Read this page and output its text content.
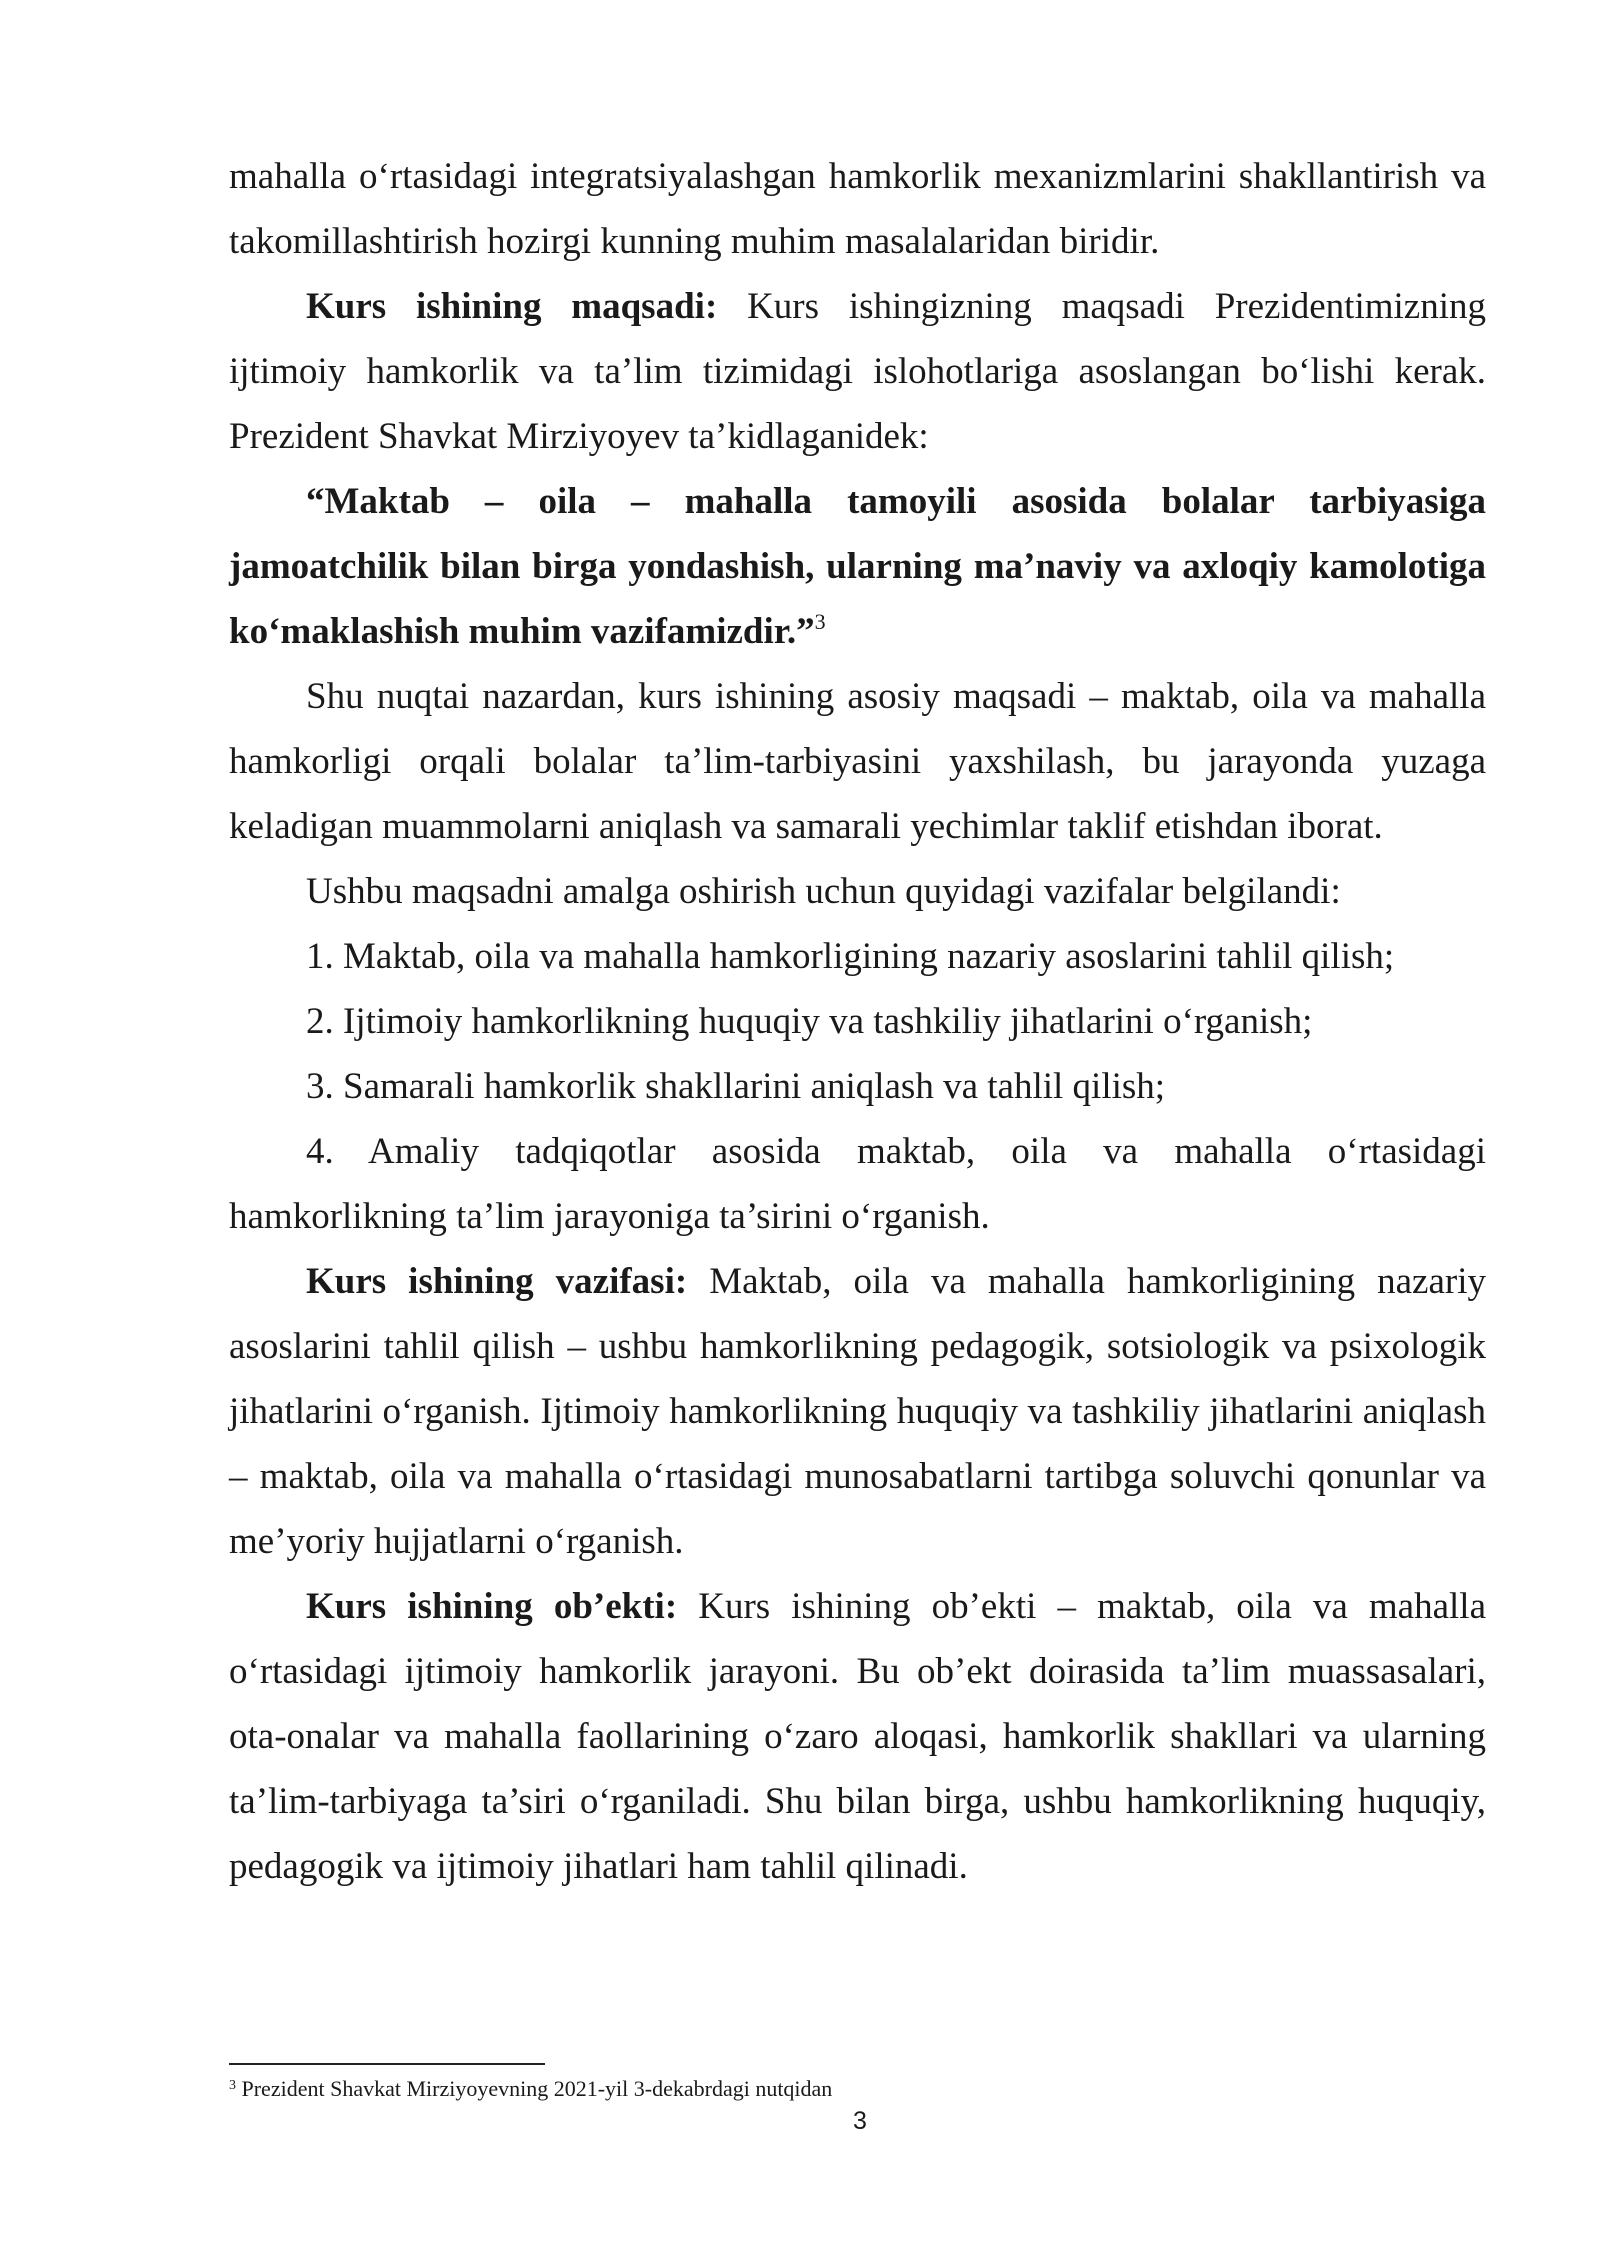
mahalla o‘rtasidagi integratsiyalashgan hamkorlik mexanizmlarini shakllantirish va takomillashtirish hozirgi kunning muhim masalalaridan biridir.

Kurs ishining maqsadi: Kurs ishingizning maqsadi Prezidentimizning ijtimoiy hamkorlik va ta’lim tizimidagi islohotlariga asoslangan bo‘lishi kerak. Prezident Shavkat Mirziyoyev ta’kidlaganidek:

“Maktab – oila – mahalla tamoyili asosida bolalar tarbiyasiga jamoatchilik bilan birga yondashish, ularning ma’naviy va axloqiy kamolotiga ko‘maklashish muhim vazifamizdir.”$^3$

Shu nuqtai nazardan, kurs ishining asosiy maqsadi – maktab, oila va mahalla hamkorligi orqali bolalar ta’lim-tarbiyasini yaxshilash, bu jarayonda yuzaga keladigan muammolarni aniqlash va samarali yechimlar taklif etishdan iborat.

Ushbu maqsadni amalga oshirish uchun quyidagi vazifalar belgilandi:

1. Maktab, oila va mahalla hamkorligining nazariy asoslarini tahlil qilish;

2. Ijtimoiy hamkorlikning huquqiy va tashkiliy jihatlarini o‘rganish;

3. Samarali hamkorlik shakllarini aniqlash va tahlil qilish;

4. Amaliy tadqiqotlar asosida maktab, oila va mahalla o‘rtasidagi hamkorlikning ta’lim jarayoniga ta’sirini o‘rganish.

Kurs ishining vazifasi: Maktab, oila va mahalla hamkorligining nazariy asoslarini tahlil qilish – ushbu hamkorlikning pedagogik, sotsiologik va psixologik jihatlarini o‘rganish. Ijtimoiy hamkorlikning huquqiy va tashkiliy jihatlarini aniqlash – maktab, oila va mahalla o‘rtasidagi munosabatlarni tartibga soluvchi qonunlar va me’yoriy hujjatlarni o‘rganish.

Kurs ishining ob’ekti: Kurs ishining ob’ekti – maktab, oila va mahalla o‘rtasidagi ijtimoiy hamkorlik jarayoni. Bu ob’ekt doirasida ta’lim muassasalari, ota-onalar va mahalla faollarining o‘zaro aloqasi, hamkorlik shakllari va ularning ta’lim-tarbiyaga ta’siri o‘rganiladi. Shu bilan birga, ushbu hamkorlikning huquqiy, pedagogik va ijtimoiy jihatlari ham tahlil qilinadi.

$^3$ Prezident Shavkat Mirziyoyevning 2021-yil 3-dekabrdagi nutqidan
3
